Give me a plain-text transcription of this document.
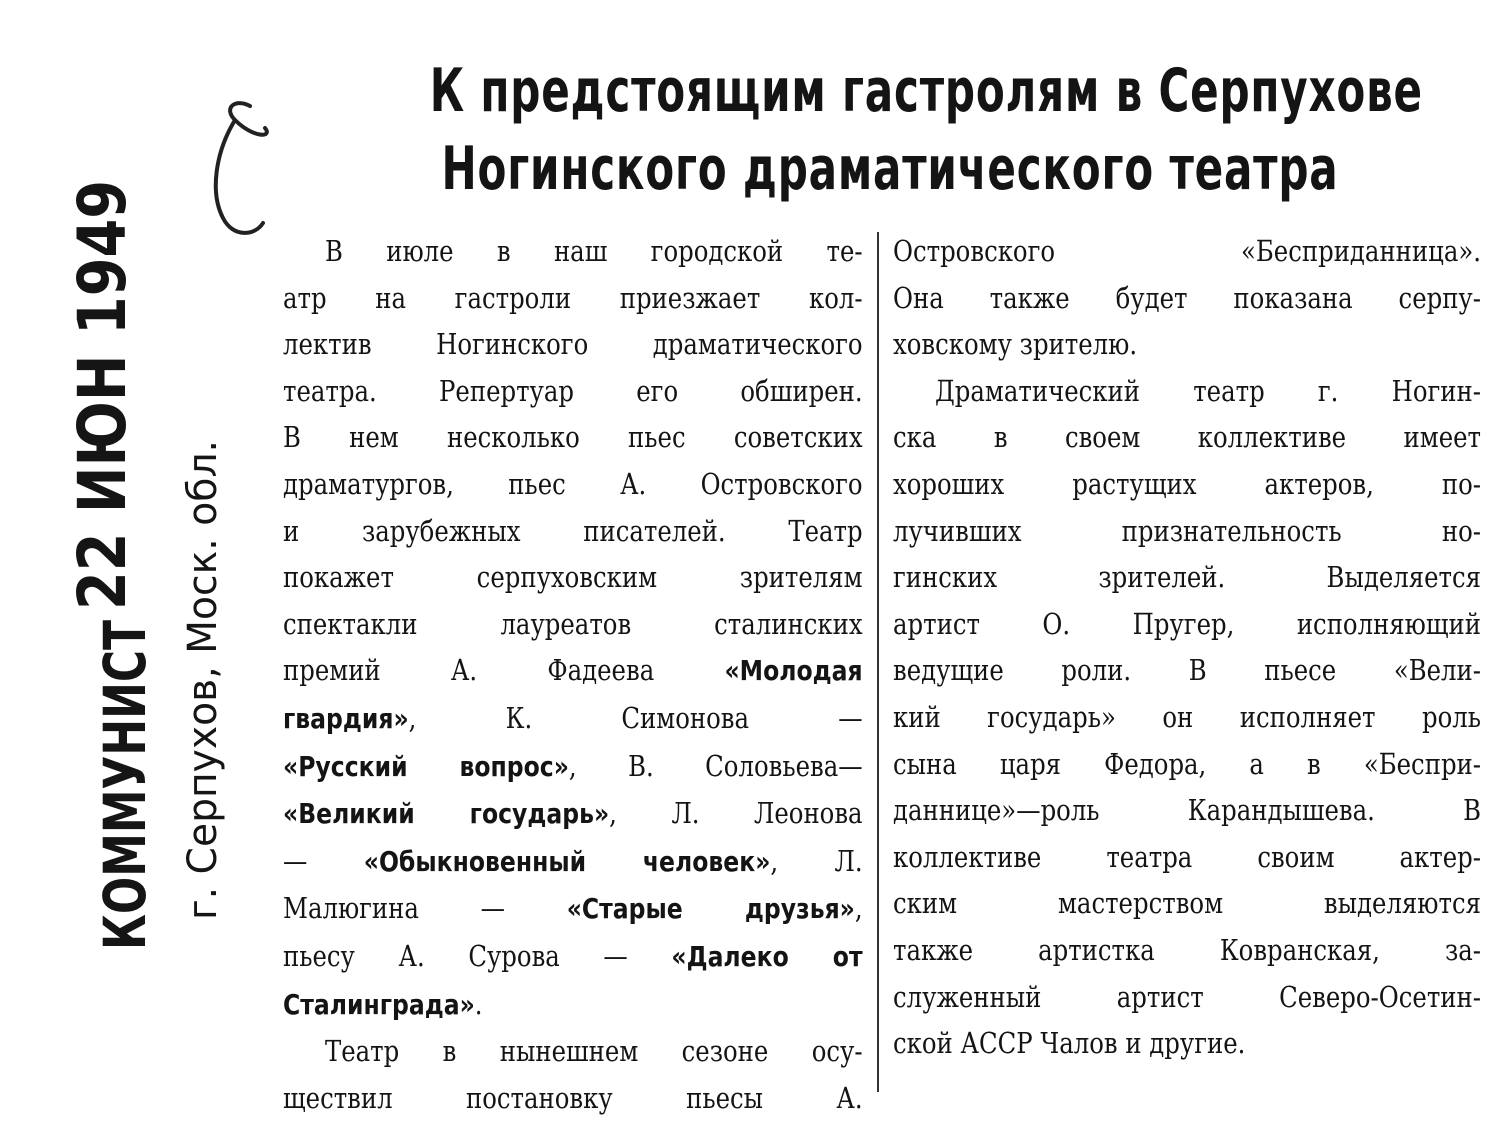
КОММУНИСТ
22 ИЮН 1949
г. Серпухов, Моск. обл.
К предстоящим гастролям в Серпухове
Ногинского драматического театра
В июле в наш городской те-
атр на гастроли приезжает кол-
лектив Ногинского драматического
театра. Репертуар его обширен.
В нем несколько пьес советских
драматургов, пьес А. Островского
и зарубежных писателей. Театр
покажет серпуховским зрителям
спектакли лауреатов сталинских
премий А. Фадеева «Молодая
гвардия», К. Симонова —
«Русский вопрос», В. Соловьева—
«Великий государь», Л. Леонова
— «Обыкновенный человек», Л.
Малюгина — «Старые друзья»,
пьесу А. Сурова — «Далеко от
Сталинграда».
Театр в нынешнем сезоне осу-
ществил постановку пьесы А.
Островского «Бесприданница».
Она также будет показана серпу-
ховскому зрителю.
Драматический театр г. Ногин-
ска в своем коллективе имеет
хороших растущих актеров, по-
лучивших признательность но-
гинских зрителей. Выделяется
артист О. Пругер, исполняющий
ведущие роли. В пьесе «Вели-
кий государь» он исполняет роль
сына царя Федора, а в «Беспри-
даннице»—роль Карандышева. В
коллективе театра своим актер-
ским мастерством выделяются
также артистка Ковранская, за-
служенный артист Северо-Осетин-
ской АССР Чалов и другие.
